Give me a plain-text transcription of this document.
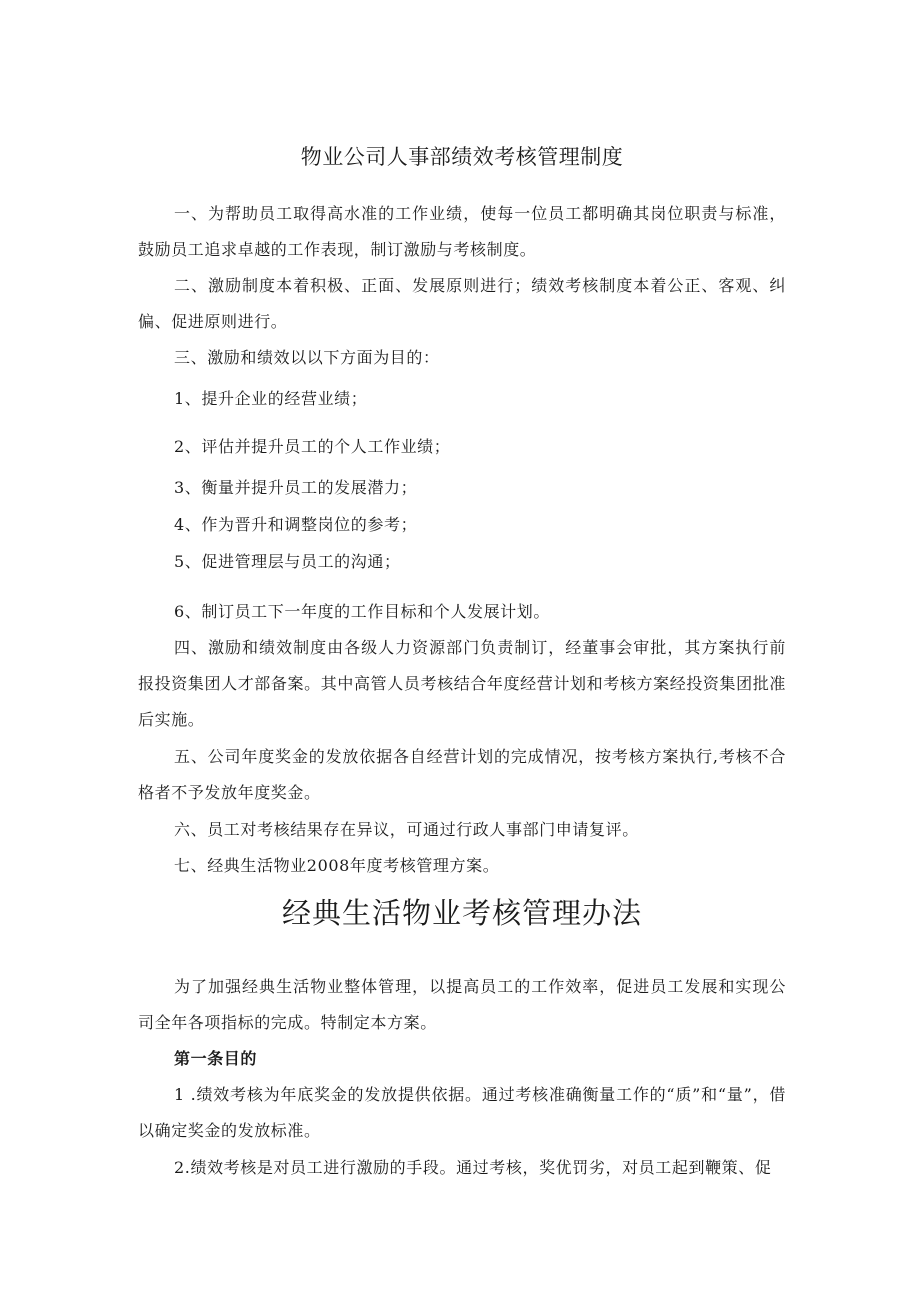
物业公司人事部绩效考核管理制度

一、为帮助员工取得高水准的工作业绩，使每一位员工都明确其岗位职责与标准，鼓励员工追求卓越的工作表现，制订激励与考核制度。

二、激励制度本着积极、正面、发展原则进行；绩效考核制度本着公正、客观、纠偏、促进原则进行。

三、激励和绩效以以下方面为目的：

1、提升企业的经营业绩；

2、评估并提升员工的个人工作业绩；

3、衡量并提升员工的发展潜力；

4、作为晋升和调整岗位的参考；

5、促进管理层与员工的沟通；

6、制订员工下一年度的工作目标和个人发展计划。

四、激励和绩效制度由各级人力资源部门负责制订，经董事会审批，其方案执行前报投资集团人才部备案。其中高管人员考核结合年度经营计划和考核方案经投资集团批准后实施。

五、公司年度奖金的发放依据各自经营计划的完成情况，按考核方案执行,考核不合格者不予发放年度奖金。

六、员工对考核结果存在异议，可通过行政人事部门申请复评。

七、经典生活物业2008年度考核管理方案。

经典生活物业考核管理办法

为了加强经典生活物业整体管理，以提高员工的工作效率，促进员工发展和实现公司全年各项指标的完成。特制定本方案。

第一条目的

1 .绩效考核为年底奖金的发放提供依据。通过考核准确衡量工作的“质”和“量”，借以确定奖金的发放标准。

2.绩效考核是对员工进行激励的手段。通过考核，奖优罚劣，对员工起到鞭策、促
